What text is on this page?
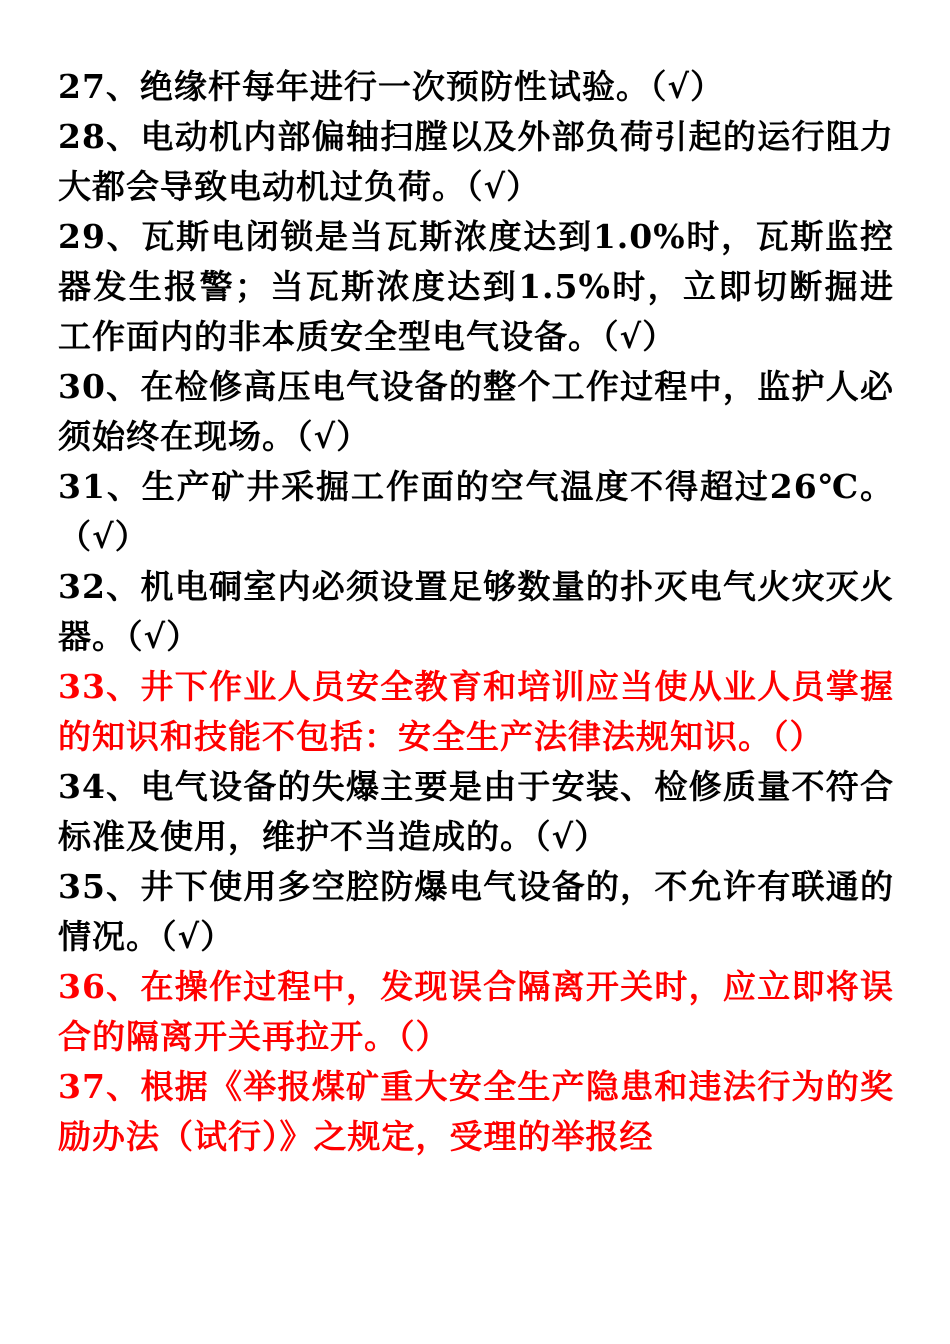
27、绝缘杆每年进行一次预防性试验。（√）

28、电动机内部偏轴扫膛以及外部负荷引起的运行阻力大都会导致电动机过负荷。（√）

29、瓦斯电闭锁是当瓦斯浓度达到1.0%时，瓦斯监控器发生报警；当瓦斯浓度达到1.5%时，立即切断掘进工作面内的非本质安全型电气设备。（√）

30、在检修高压电气设备的整个工作过程中，监护人必须始终在现场。（√）

31、生产矿井采掘工作面的空气温度不得超过26℃。（√）

32、机电硐室内必须设置足够数量的扑灭电气火灾灭火器。（√）

33、井下作业人员安全教育和培训应当使从业人员掌握的知识和技能不包括：安全生产法律法规知识。（）

34、电气设备的失爆主要是由于安装、检修质量不符合标准及使用，维护不当造成的。（√）

35、井下使用多空腔防爆电气设备的，不允许有联通的情况。（√）

36、在操作过程中，发现误合隔离开关时，应立即将误合的隔离开关再拉开。（）

37、根据《举报煤矿重大安全生产隐患和违法行为的奖励办法（试行）》之规定，受理的举报经
